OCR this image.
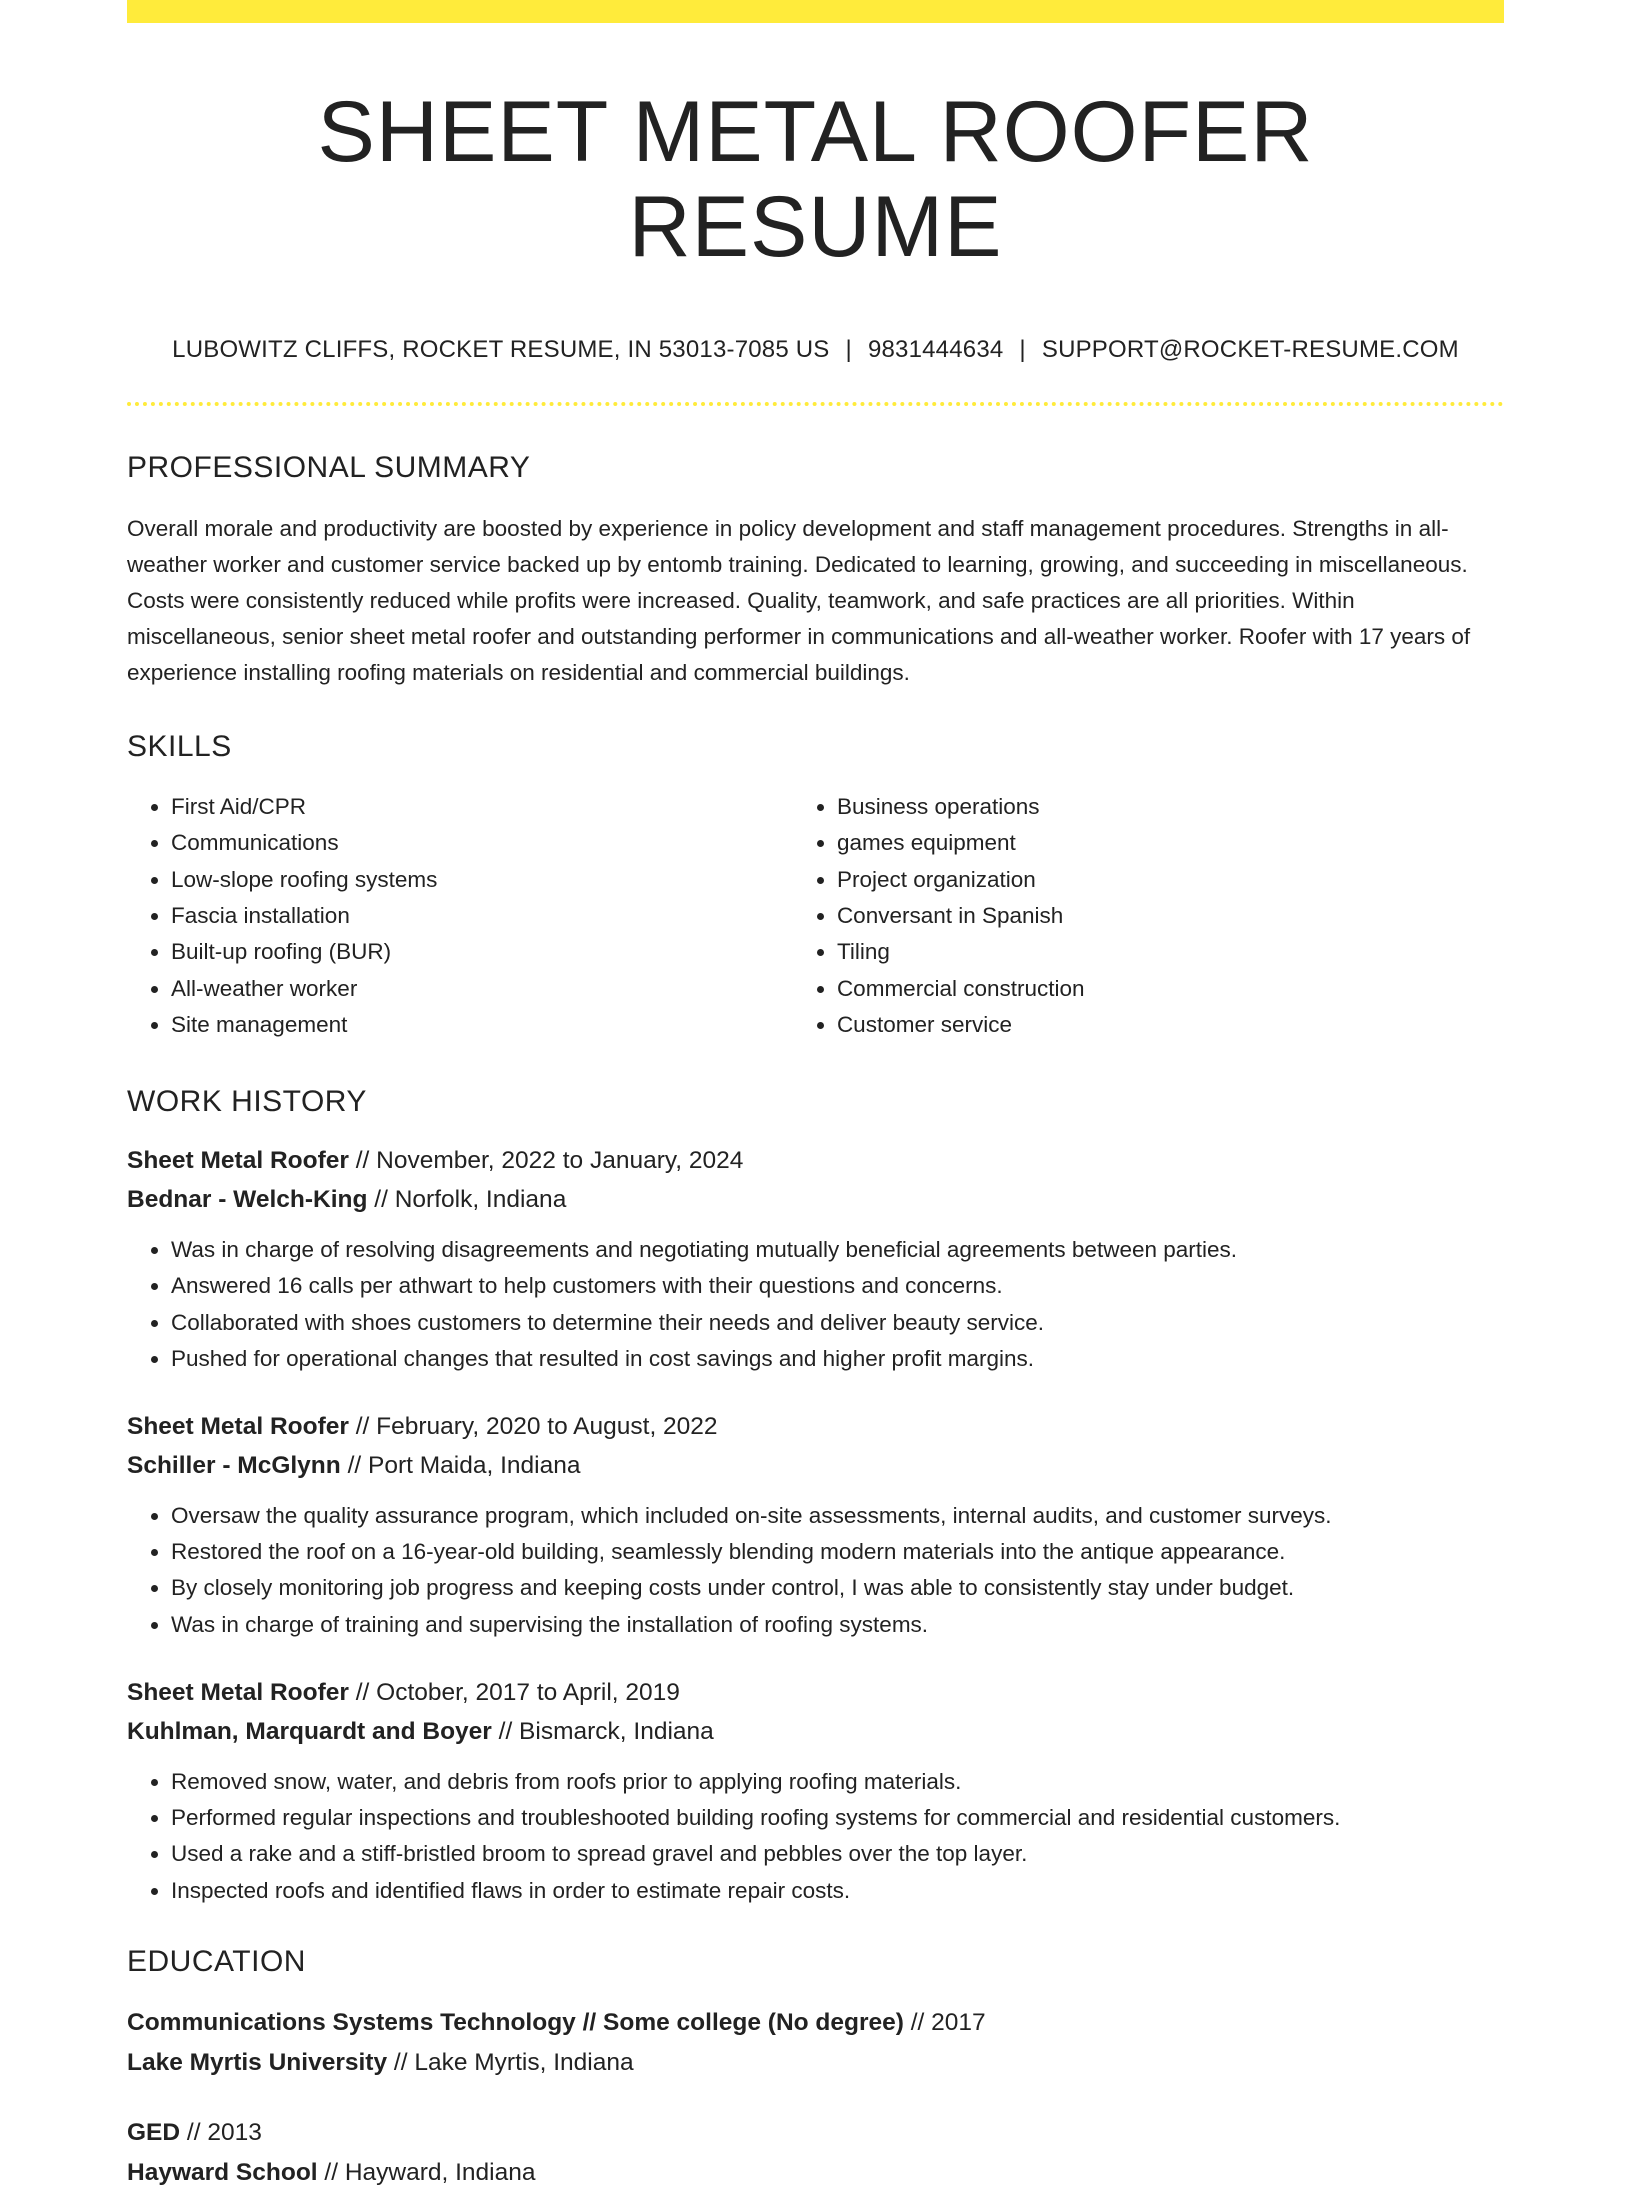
SHEET METAL ROOFER RESUME
LUBOWITZ CLIFFS, ROCKET RESUME, IN 53013-7085 US | 9831444634 | SUPPORT@ROCKET-RESUME.COM
PROFESSIONAL SUMMARY
Overall morale and productivity are boosted by experience in policy development and staff management procedures. Strengths in all-weather worker and customer service backed up by entomb training. Dedicated to learning, growing, and succeeding in miscellaneous. Costs were consistently reduced while profits were increased. Quality, teamwork, and safe practices are all priorities. Within miscellaneous, senior sheet metal roofer and outstanding performer in communications and all-weather worker. Roofer with 17 years of experience installing roofing materials on residential and commercial buildings.
SKILLS
• First Aid/CPR
• Communications
• Low-slope roofing systems
• Fascia installation
• Built-up roofing (BUR)
• All-weather worker
• Site management
• Business operations
• games equipment
• Project organization
• Conversant in Spanish
• Tiling
• Commercial construction
• Customer service
WORK HISTORY
Sheet Metal Roofer // November, 2022 to January, 2024
Bednar - Welch-King // Norfolk, Indiana
• Was in charge of resolving disagreements and negotiating mutually beneficial agreements between parties.
• Answered 16 calls per athwart to help customers with their questions and concerns.
• Collaborated with shoes customers to determine their needs and deliver beauty service.
• Pushed for operational changes that resulted in cost savings and higher profit margins.
Sheet Metal Roofer // February, 2020 to August, 2022
Schiller - McGlynn // Port Maida, Indiana
• Oversaw the quality assurance program, which included on-site assessments, internal audits, and customer surveys.
• Restored the roof on a 16-year-old building, seamlessly blending modern materials into the antique appearance.
• By closely monitoring job progress and keeping costs under control, I was able to consistently stay under budget.
• Was in charge of training and supervising the installation of roofing systems.
Sheet Metal Roofer // October, 2017 to April, 2019
Kuhlman, Marquardt and Boyer // Bismarck, Indiana
• Removed snow, water, and debris from roofs prior to applying roofing materials.
• Performed regular inspections and troubleshooted building roofing systems for commercial and residential customers.
• Used a rake and a stiff-bristled broom to spread gravel and pebbles over the top layer.
• Inspected roofs and identified flaws in order to estimate repair costs.
EDUCATION
Communications Systems Technology // Some college (No degree) // 2017
Lake Myrtis University // Lake Myrtis, Indiana
GED // 2013
Hayward School // Hayward, Indiana
